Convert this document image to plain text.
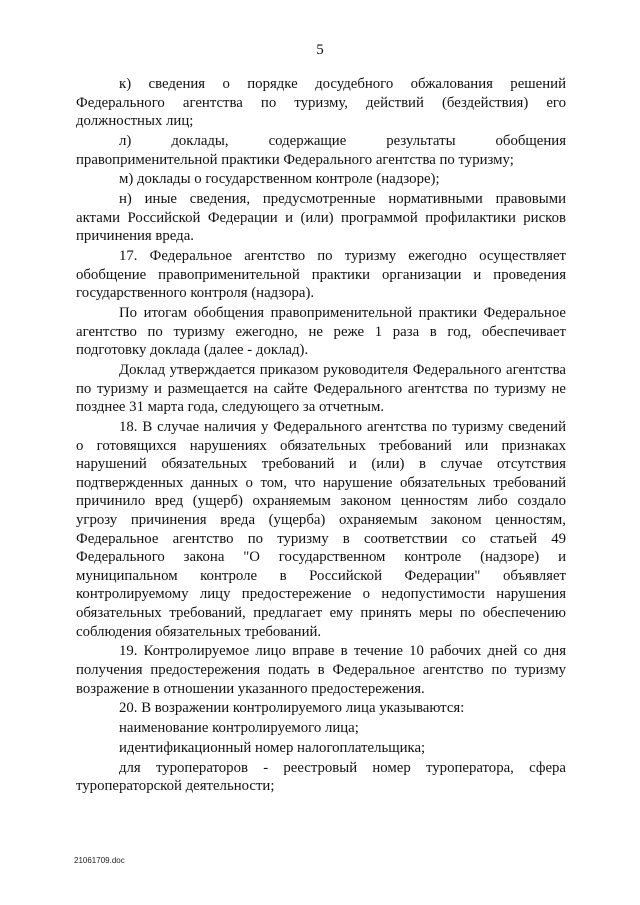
5

к) сведения о порядке досудебного обжалования решений Федерального агентства по туризму, действий (бездействия) его должностных лиц;

л) доклады, содержащие результаты обобщения правоприменительной практики Федерального агентства по туризму;

м) доклады о государственном контроле (надзоре);

н) иные сведения, предусмотренные нормативными правовыми актами Российской Федерации и (или) программой профилактики рисков причинения вреда.

17. Федеральное агентство по туризму ежегодно осуществляет обобщение правоприменительной практики организации и проведения государственного контроля (надзора).

По итогам обобщения правоприменительной практики Федеральное агентство по туризму ежегодно, не реже 1 раза в год, обеспечивает подготовку доклада (далее - доклад).

Доклад утверждается приказом руководителя Федерального агентства по туризму и размещается на сайте Федерального агентства по туризму не позднее 31 марта года, следующего за отчетным.

18. В случае наличия у Федерального агентства по туризму сведений о готовящихся нарушениях обязательных требований или признаках нарушений обязательных требований и (или) в случае отсутствия подтвержденных данных о том, что нарушение обязательных требований причинило вред (ущерб) охраняемым законом ценностям либо создало угрозу причинения вреда (ущерба) охраняемым законом ценностям, Федеральное агентство по туризму в соответствии со статьей 49 Федерального закона "О государственном контроле (надзоре) и муниципальном контроле в Российской Федерации" объявляет контролируемому лицу предостережение о недопустимости нарушения обязательных требований, предлагает ему принять меры по обеспечению соблюдения обязательных требований.

19. Контролируемое лицо вправе в течение 10 рабочих дней со дня получения предостережения подать в Федеральное агентство по туризму возражение в отношении указанного предостережения.

20. В возражении контролируемого лица указываются:

наименование контролируемого лица;

идентификационный номер налогоплательщика;

для туроператоров - реестровый номер туроператора, сфера туроператорской деятельности;

21061709.doc
